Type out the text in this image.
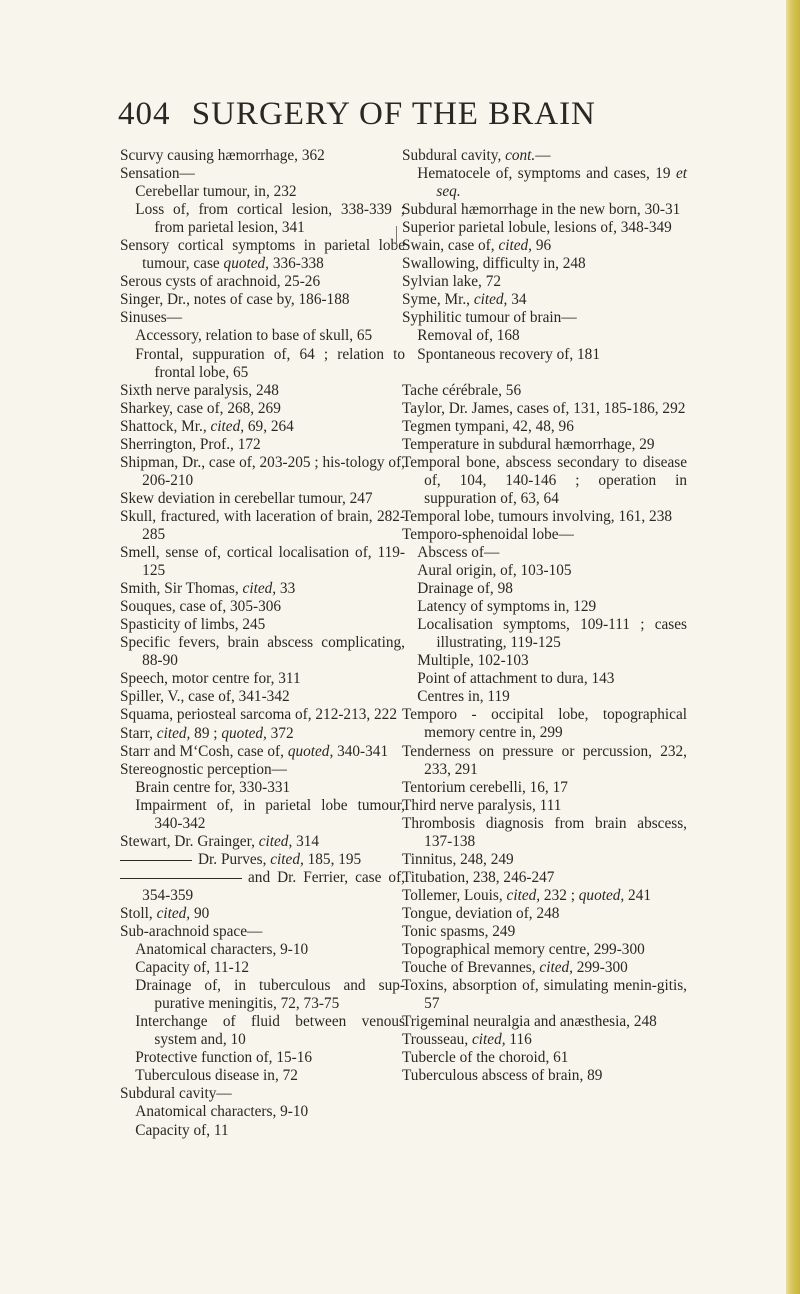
404 SURGERY OF THE BRAIN

Scurvy causing hæmorrhage, 362

Sensation—

Cerebellar tumour, in, 232

Loss of, from cortical lesion, 338-339 ; from parietal lesion, 341

Sensory cortical symptoms in parietal lobe tumour, case quoted, 336-338

Serous cysts of arachnoid, 25-26

Singer, Dr., notes of case by, 186-188

Sinuses—

Accessory, relation to base of skull, 65

Frontal, suppuration of, 64 ; relation to frontal lobe, 65

Sixth nerve paralysis, 248

Sharkey, case of, 268, 269

Shattock, Mr., cited, 69, 264

Sherrington, Prof., 172

Shipman, Dr., case of, 203-205 ; his-tology of, 206-210

Skew deviation in cerebellar tumour, 247

Skull, fractured, with laceration of brain, 282-285

Smell, sense of, cortical localisation of, 119-125

Smith, Sir Thomas, cited, 33

Souques, case of, 305-306

Spasticity of limbs, 245

Specific fevers, brain abscess complicating, 88-90

Speech, motor centre for, 311

Spiller, V., case of, 341-342

Squama, periosteal sarcoma of, 212-213, 222

Starr, cited, 89 ; quoted, 372

Starr and M‘Cosh, case of, quoted, 340-341

Stereognostic perception—

Brain centre for, 330-331

Impairment of, in parietal lobe tumour, 340-342

Stewart, Dr. Grainger, cited, 314

Dr. Purves, cited, 185, 195

and Dr. Ferrier, case of, 354-359

Stoll, cited, 90

Sub-arachnoid space—

Anatomical characters, 9-10

Capacity of, 11-12

Drainage of, in tuberculous and sup-purative meningitis, 72, 73-75

Interchange of fluid between venous system and, 10

Protective function of, 15-16

Tuberculous disease in, 72

Subdural cavity—

Anatomical characters, 9-10

Capacity of, 11

Subdural cavity, cont.—

Hematocele of, symptoms and cases, 19 et seq.

Subdural hæmorrhage in the new born, 30-31

Superior parietal lobule, lesions of, 348-349

Swain, case of, cited, 96

Swallowing, difficulty in, 248

Sylvian lake, 72

Syme, Mr., cited, 34

Syphilitic tumour of brain—

Removal of, 168

Spontaneous recovery of, 181

Tache cérébrale, 56

Taylor, Dr. James, cases of, 131, 185-186, 292

Tegmen tympani, 42, 48, 96

Temperature in subdural hæmorrhage, 29

Temporal bone, abscess secondary to disease of, 104, 140-146 ; operation in suppuration of, 63, 64

Temporal lobe, tumours involving, 161, 238

Temporo-sphenoidal lobe—

Abscess of—

Aural origin, of, 103-105

Drainage of, 98

Latency of symptoms in, 129

Localisation symptoms, 109-111 ; cases illustrating, 119-125

Multiple, 102-103

Point of attachment to dura, 143

Centres in, 119

Temporo - occipital lobe, topographical memory centre in, 299

Tenderness on pressure or percussion, 232, 233, 291

Tentorium cerebelli, 16, 17

Third nerve paralysis, 111

Thrombosis diagnosis from brain abscess, 137-138

Tinnitus, 248, 249

Titubation, 238, 246-247

Tollemer, Louis, cited, 232 ; quoted, 241

Tongue, deviation of, 248

Tonic spasms, 249

Topographical memory centre, 299-300

Touche of Brevannes, cited, 299-300

Toxins, absorption of, simulating menin-gitis, 57

Trigeminal neuralgia and anæsthesia, 248

Trousseau, cited, 116

Tubercle of the choroid, 61

Tuberculous abscess of brain, 89
